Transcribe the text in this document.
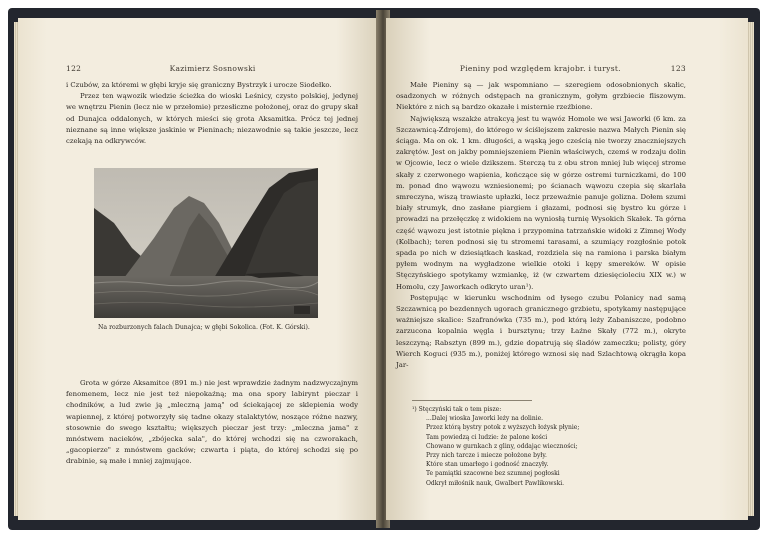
122	Kazimierz Sosnowski

i Czubów, za któremi w głębi kryje się graniczny Bystrzyk i urocze Siodełko.

Przez ten wąwozik wiedzie ścieżka do wioski Leśnicy, czysto polskiej, jedynej we wnętrzu Pienin (lecz nie w przełomie) przesłiczne położonej, oraz do grupy skał od Dunajca oddalonych, w których mieści się grota Aksamitka. Prócz tej jednej nieznane są inne większe jaskinie w Pieninach; niezawodnie są takie jeszcze, lecz czekają na odkrywców.

Na rozburzonych falach Dunajca; w głębi Sokolica. (Fot. K. Górski).

Grota w górze Aksamitce (891 m.) nie jest wprawdzie żadnym nadzwyczajnym fenomenem, lecz nie jest też niepokaźną; ma ona spory labirynt pieczar i chodników, a lud zwie ją „mleczną jamą" od ściekającej ze sklepienia wody wapiennej, z której potworzyły się tadne okazy stalaktytów, noszące różne nazwy, stosownie do swego kształtu; większych pieczar jest trzy: „mleczna jama" z mnóstwem nacieków, „zbójecka sala", do której wchodzi się na czworakach, „gacopierze" z mnóstwem gacków; czwarta i piąta, do której schodzi się po drabinie, są małe i mniej zajmujące.

Pieniny pod względem krajobr. i turyst.	123

Małe Pieniny są — jak wspomniano — szeregiem odosobnionych skałic, osadzonych w różnych odstępach na granicznym, gołym grzbiecie fliszowym. Niektóre z nich są bardzo okazałe i misternie rzeźbione.

Największą wszakże atrakcyą jest tu wąwóz Homole we wsi Jaworki (6 km. za Szczawnicą-Zdrojem), do którego w ściślejszem zakresie nazwa Małych Pienin się ściąga. Ma on ok. 1 km. długości, a wąską jego cześcią nie tworzy znaczniejszych zakrętów. Jest on jakby pomniejszeniem Pienin właściwych, czemś w rodzaju dolin w Ojcowie, lecz o wiele dzikszem. Sterczą tu z obu stron mniej lub więcej strome skały z czerwonego wapienia, kończące się w górze ostremi turniczkami, do 100 m. ponad dno wąwozu wzniesionemi; po ścianach wąwozu czepia się skarlała smreczyna, wiszą trawiaste upłazki, lecz przeważnie panuje golizna. Dołem szumi biały strumyk, dno zasłane piargiem i głazami, podnosi się bystro ku górze i prowadzi na przełęczkę z widokiem na wyniosłą turnię Wysokich Skałek. Ta górna część wąwozu jest istotnie piękna i przypomina tatrzańskie widoki z Zimnej Wody (Kolbach); teren podnosi się tu stromemi tarasami, a szumiący rozgłośnie potok spada po nich w dziesiątkach kaskad, rozdziela się na ramiona i parska białym pyłem wodnym na wygładzone wielkie otoki i kępy smereków. W opisie Stęczyńskiego spotykamy wzmiankę, iż (w czwartem dziesięcioleciu XIX w.) w Homolu, czy Jaworkach odkryto uran¹).

Postępując w kierunku wschodnim od łysego czubu Polanicy nad samą Szczawnicą po bezdennych ugorach granicznego grzbietu, spotykamy następujące ważniejsze skalice: Szafranówka (735 m.), pod którą leży Zabaniszcze, podobno zarzucona kopalnia węgla i bursztynu; trzy Łaźne Skały (772 m.), okryte leszczyną; Rabsztyn (899 m.), gdzie dopatrują się śladów zameczku; polisty, góry Wierch Koguci (935 m.), poniżej którego wznosi się nad Szlachtową okrągła kopa Jar-

¹) Stęczyński tak o tem pisze:
...Dalej wioska Jaworki leży na dolinie.
Przez którą bystry potok z wyższych łożysk płynie;
Tam powiedzą ci ludzie: że palone kości
Chowano w gurnkach z gliny, oddając wieczności;
Przy nich tarcze i miecze położone były.
Które stan umarłego i godność znaczyły.
Te pamiątki szacowne bez szumnej pogłoski
Odkrył miłośnik nauk, Gwalbert Pawlikowski.
